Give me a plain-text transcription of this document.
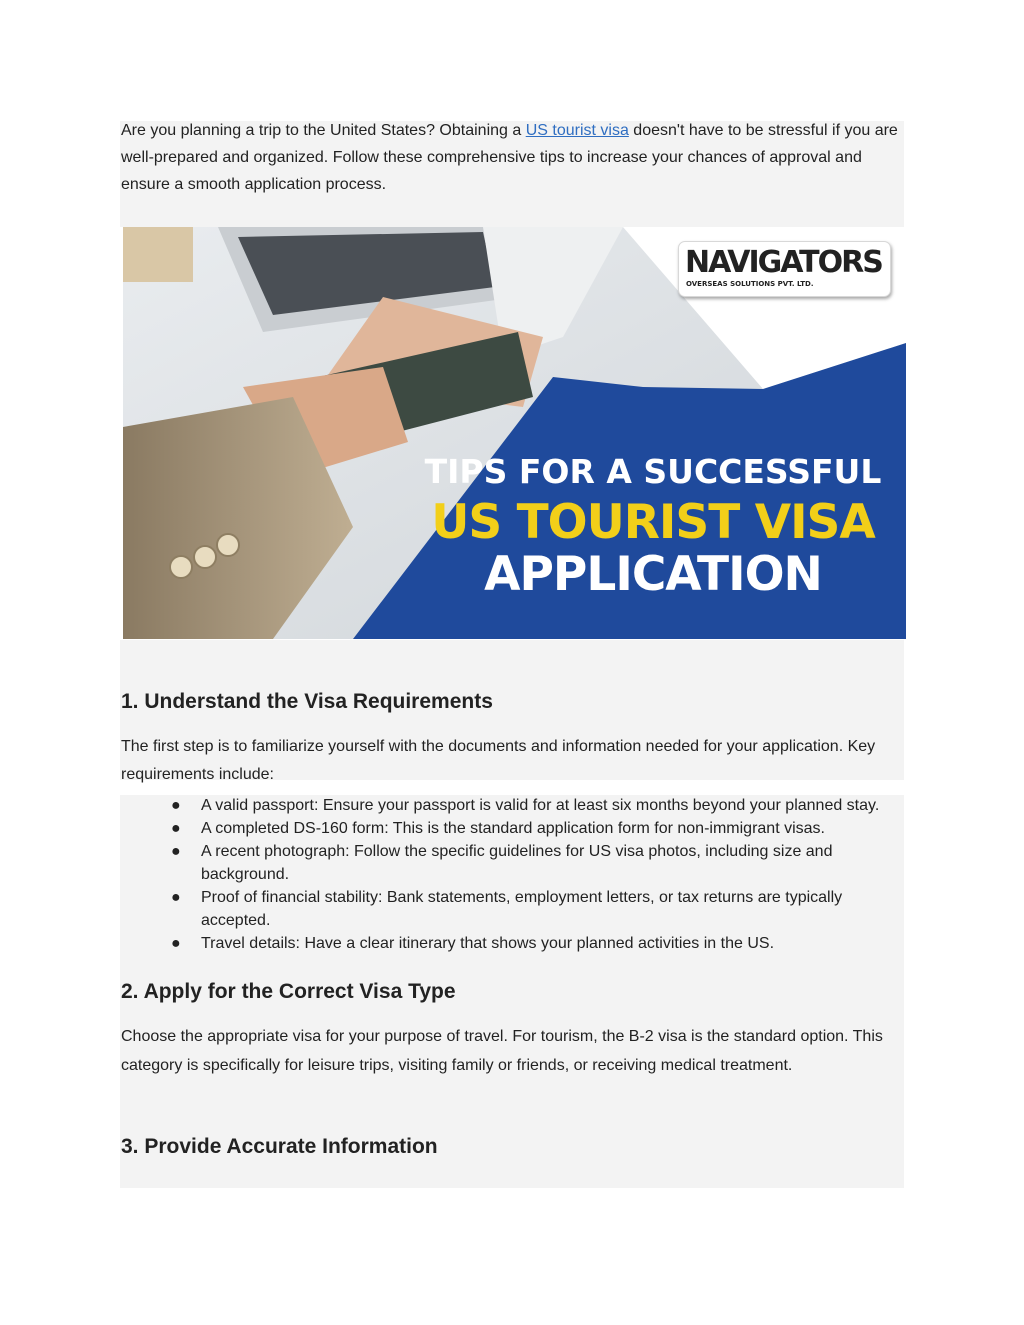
Are you planning a trip to the United States? Obtaining a US tourist visa doesn't have to be stressful if you are well-prepared and organized. Follow these comprehensive tips to increase your chances of approval and ensure a smooth application process.

NAVIGATORS
OVERSEAS SOLUTIONS PVT. LTD.

TIPS FOR A SUCCESSFUL

US TOURIST VISA

APPLICATION

1. Understand the Visa Requirements

The first step is to familiarize yourself with the documents and information needed for your application. Key requirements include:

● A valid passport: Ensure your passport is valid for at least six months beyond your planned stay.
● A completed DS-160 form: This is the standard application form for non-immigrant visas.
● A recent photograph: Follow the specific guidelines for US visa photos, including size and background.
● Proof of financial stability: Bank statements, employment letters, or tax returns are typically accepted.
● Travel details: Have a clear itinerary that shows your planned activities in the US.
2. Apply for the Correct Visa Type

Choose the appropriate visa for your purpose of travel. For tourism, the B-2 visa is the standard option. This category is specifically for leisure trips, visiting family or friends, or receiving medical treatment.

3. Provide Accurate Information
